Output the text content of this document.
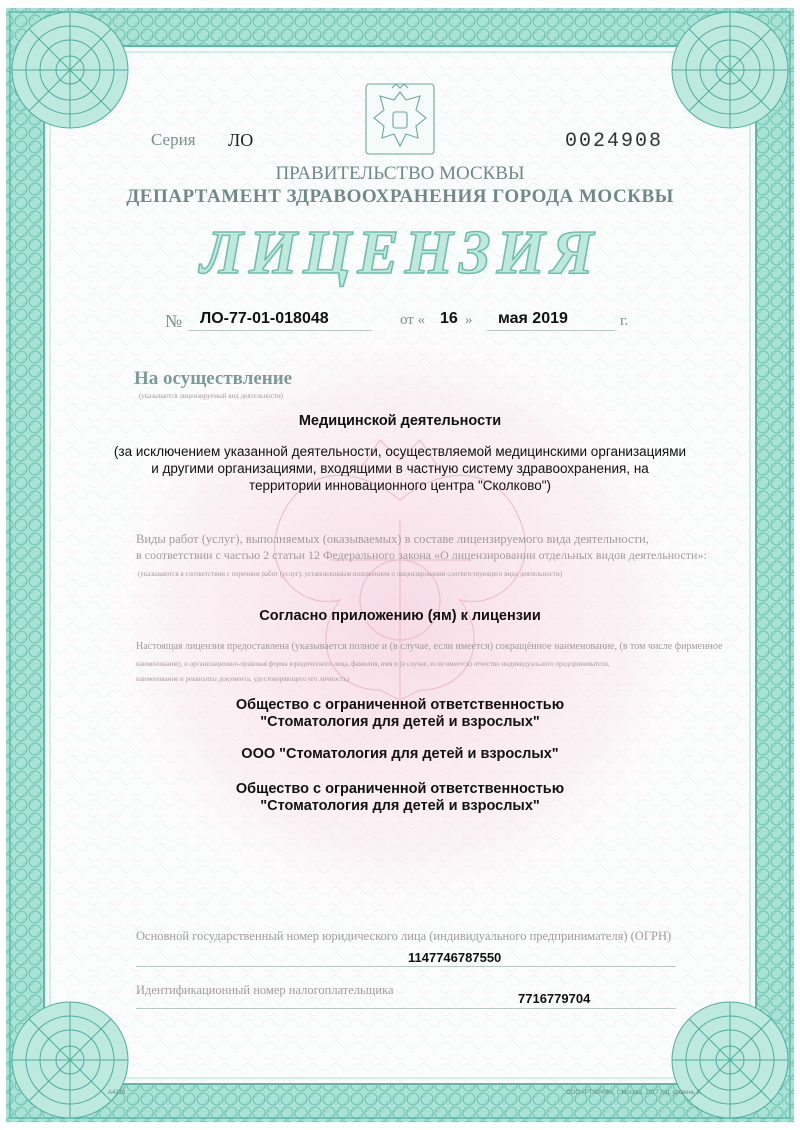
Серия ЛО	0024908

ПРАВИТЕЛЬСТВО МОСКВЫ

ДЕПАРТАМЕНТ ЗДРАВООХРАНЕНИЯ ГОРОДА МОСКВЫ

ЛИЦЕНЗИЯ

№ ЛО-77-01-018048	от « 16 » мая 2019	г.

На осуществление

(указывается лицензируемый вид деятельности)

Медицинской деятельности

(за исключением указанной деятельности, осуществляемой медицинскими организациями

и другими организациями, входящими в частную систему здравоохранения, на

территории инновационного центра "Сколково")

Виды работ (услуг), выполняемых (оказываемых) в составе лицензируемого вида деятельности,

в соответствии с частью 2 статьи 12 Федерального закона «О лицензировании отдельных видов деятельности»:

(указываются в соответствии с перечнем работ (услуг), установленным положением о лицензировании соответствующего вида деятельности)

Согласно приложению (ям) к лицензии

Настоящая лицензия предоставлена (указывается полное и (в случае, если имеется) сокращённое наименование, (в том числе фирменное

наименование), и организационно-правовая форма юридического лица, фамилия, имя и (в случае, если имеется) отчество индивидуального предпринимателя,

наименование и реквизиты документа, удостоверяющего его личность)

Общество с ограниченной ответственностью

"Стоматология для детей и взрослых"

ООО "Стоматология для детей и взрослых"

Общество с ограниченной ответственностью

"Стоматология для детей и взрослых"

Основной государственный номер юридического лица (индивидуального предпринимателя) (ОГРН)

1147746787550

Идентификационный номер налогоплательщика

7716779704

А4238	ООО «РТЧ/РАФ», г. Москва, 2017 год, уровень Б
